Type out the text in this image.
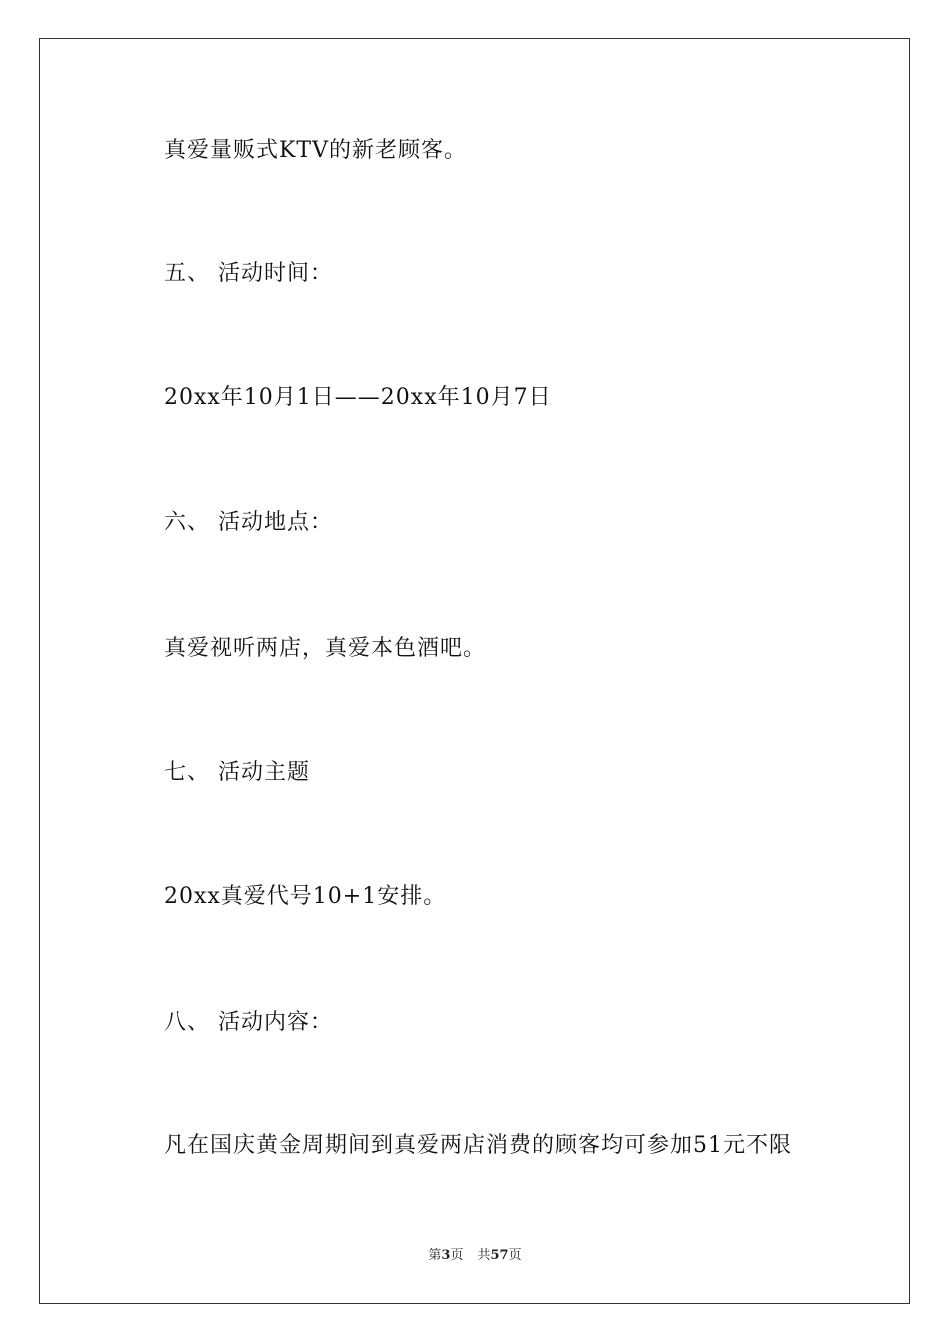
真爱量贩式KTV的新老顾客。
五、 活动时间：
20xx年10月1日——20xx年10月7日
六、 活动地点：
真爱视听两店，真爱本色酒吧。
七、 活动主题
20xx真爱代号10+1安排。
八、 活动内容：
凡在国庆黄金周期间到真爱两店消费的顾客均可参加51元不限
第3页 共57页
